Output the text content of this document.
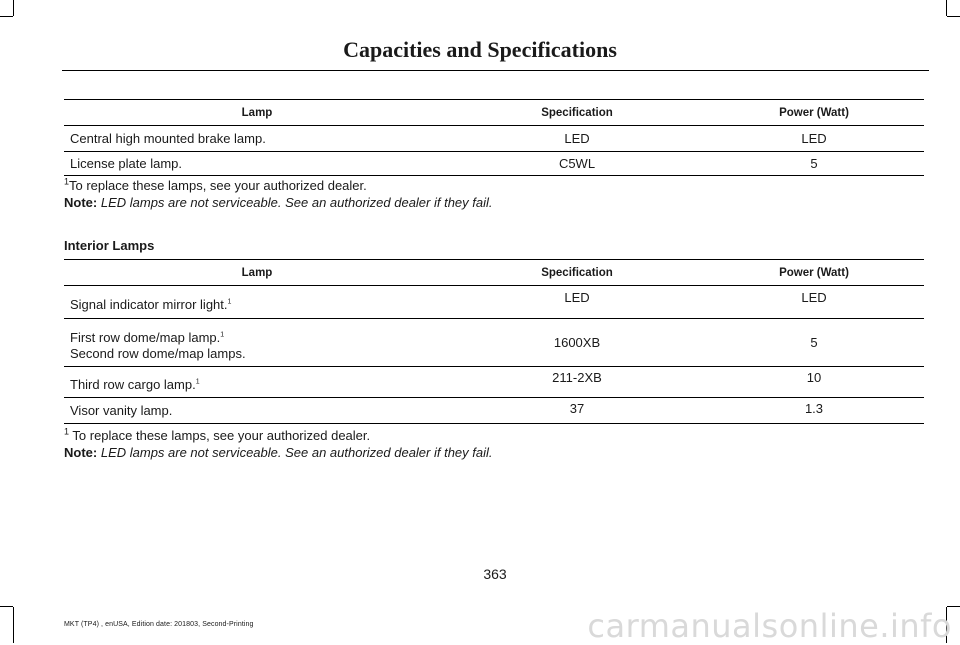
Capacities and Specifications
Lamp	Specification	Power (Watt)
Central high mounted brake lamp.	LED	LED
License plate lamp.	C5WL	5
$^1$To replace these lamps, see your authorized dealer.
Note: LED lamps are not serviceable. See an authorized dealer if they fail.
Interior Lamps
Lamp	Specification	Power (Watt)
Signal indicator mirror light.$^1$	LED	LED
First row dome/map lamp.$^1$
Second row dome/map lamps.	1600XB	5
Third row cargo lamp.$^1$	211-2XB	10
Visor vanity lamp.	37	1.3
$^1$ To replace these lamps, see your authorized dealer.
Note: LED lamps are not serviceable. See an authorized dealer if they fail.
363
MKT (TP4) , enUSA, Edition date: 201803, Second-Printing	carmanualsonline.info
